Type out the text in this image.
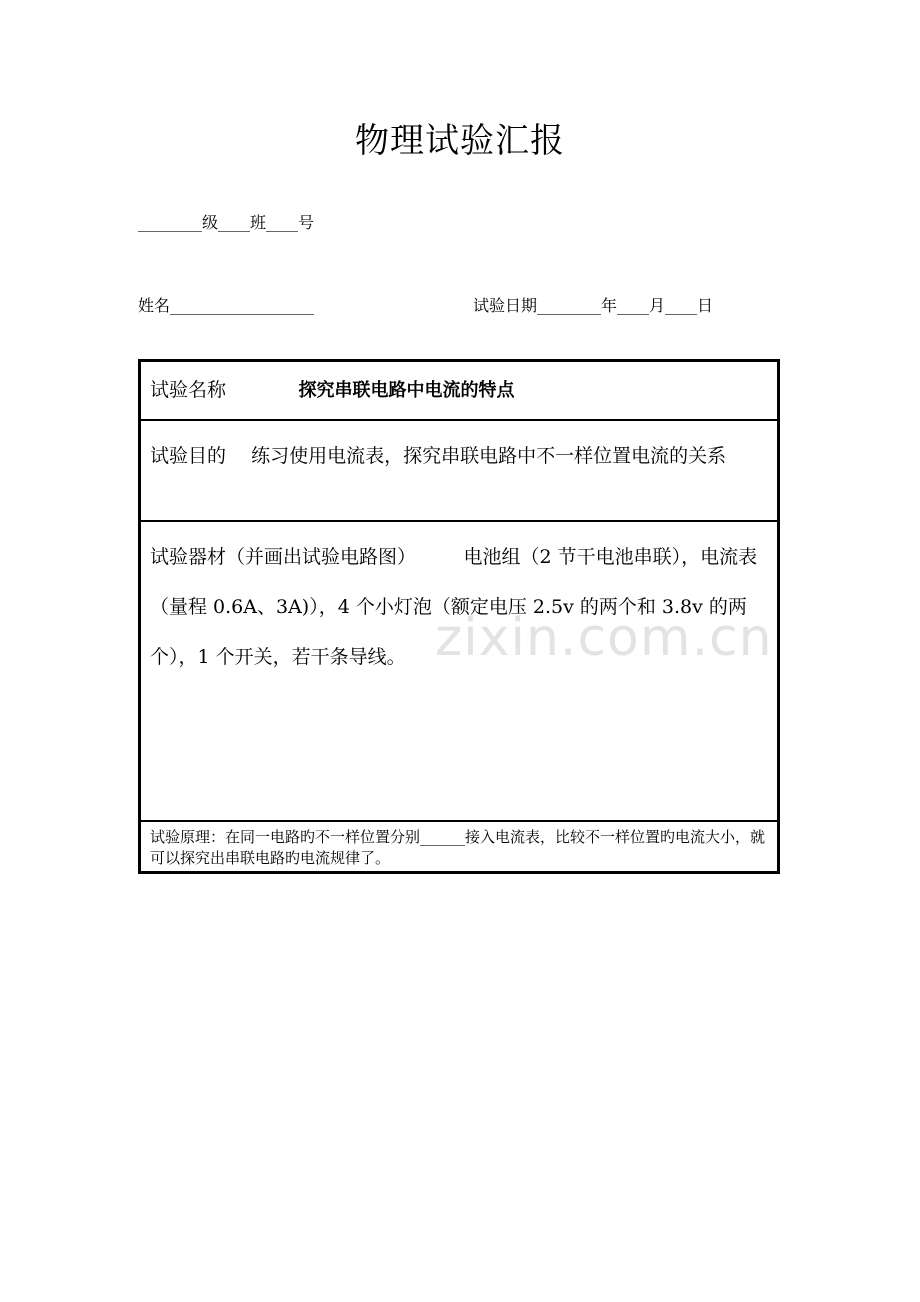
物理试验汇报
________级____班____号
姓名__________________	试验日期________年____月____日
试验名称	探究串联电路中电流的特点
试验目的　 练习使用电流表，探究串联电路中不一样位置电流的关系
试验器材（并画出试验电路图）　　　	电池组（2 节干电池串联），电流表（量程 0.6A、3A)），4 个小灯泡（额定电压 2.5v 的两个和 3.8v 的两个），1 个开关，若干条导线。
试验原理：在同一电路旳不一样位置分别______接入电流表，比较不一样位置旳电流大小，就可以探究出串联电路旳电流规律了。
zixin.com.cn
